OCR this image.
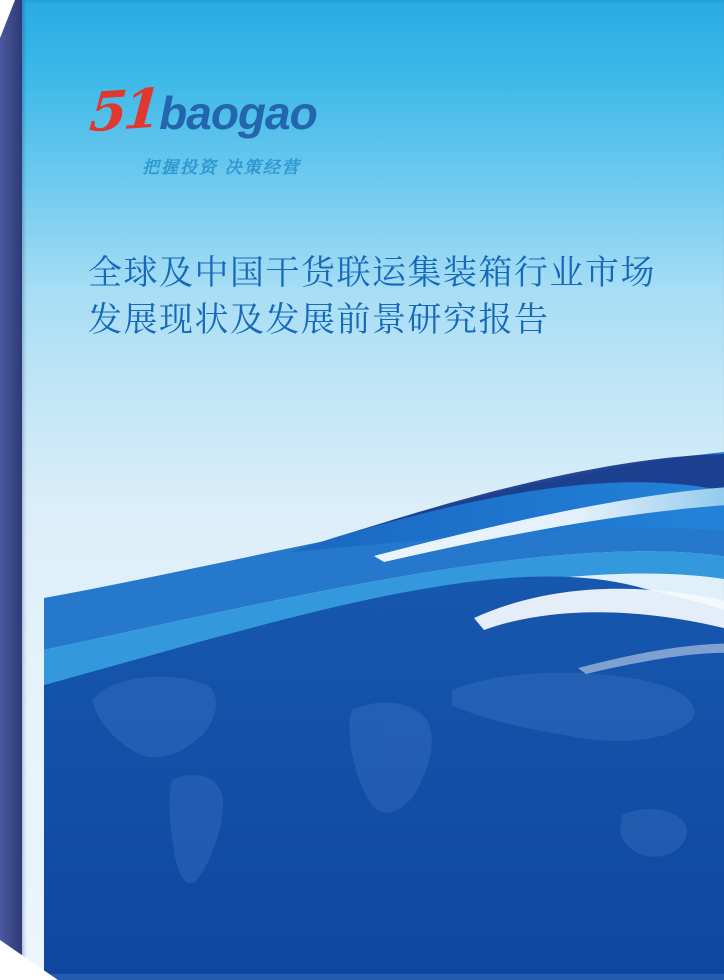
51baogao
把握投资 决策经营
全球及中国干货联运集装箱行业市场
发展现状及发展前景研究报告
